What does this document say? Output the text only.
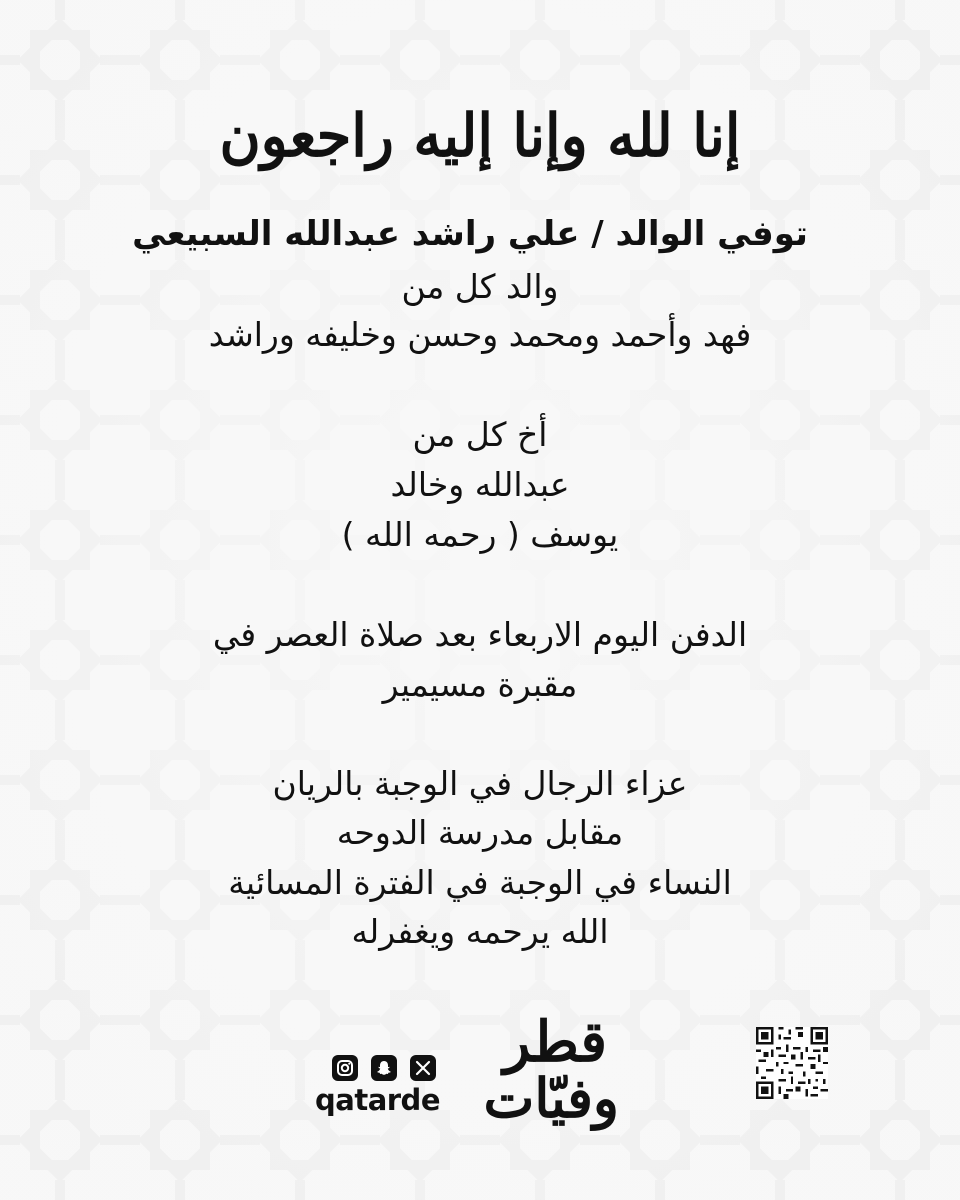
إنا لله وإنا إليه راجعون
توفي الوالد / علي راشد عبدالله السبيعي
والد كل من
فهد وأحمد ومحمد وحسن وخليفه وراشد
أخ كل من
عبدالله وخالد
يوسف ( رحمه الله )
الدفن اليوم الاربعاء بعد صلاة العصر في
مقبرة مسيمير
عزاء الرجال في الوجبة بالريان
مقابل مدرسة الدوحه
النساء في الوجبة في الفترة المسائية
الله يرحمه ويغفرله
qatarde
قطر
وفيّات
